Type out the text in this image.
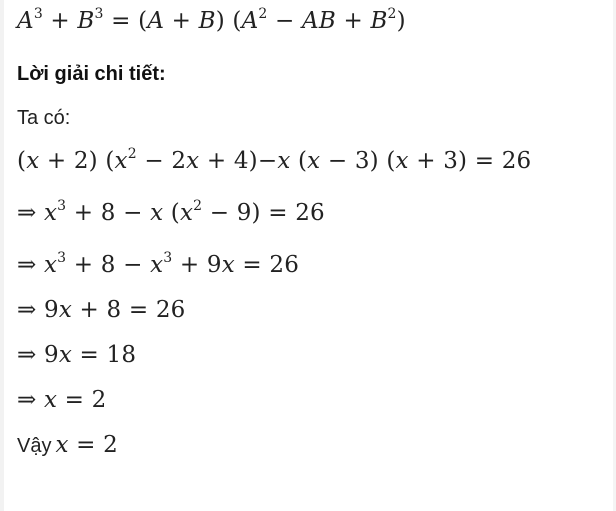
$A^3 + B^3 = (A + B) (A^2$ − AB + $B^2$)
Lời giải chi tiết:
Ta có:
(x + 2) $(x^2 - 2x + 4)-x$ (x − 3) (x + 3) = 26
⇒ $x^3 + 8 - x$ $(x^2 - 9) = 26$
⇒ $x^3 + 8 - x^3 + 9x = 26$
⇒ 9x + 8 = 26
⇒ 9x = 18
⇒ x = 2
Vậy x = 2
